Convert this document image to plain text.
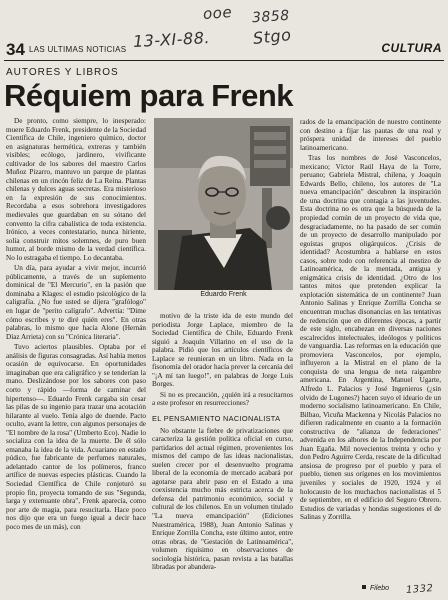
ooe 3858
13-XI-88.	Stgo
1332
34 LAS ULTIMAS NOTICIAS	CULTURA
AUTORES Y LIBROS
Réquiem para Frenk

De pronto, como siempre, lo inesperado: muere Eduardo Frenk, presidente de la Sociedad Científica de Chile, ingeniero químico, doctor en asignaturas hermética, extreras y también visibles; ecólogo, jardinero, vivificante cultivador de los sabores del maestro Carlos Muñoz Pizarro, mantuvo un parque de plantas chilenas en un rincón feliz de La Reina. Plantas chilenas y dulces aguas secretas. Era misterioso en la expresión de sus conocimientos. Recordaba a esos sobrehora investigadores medievales que guardaban en su sótano del convento la cifra cabalística de toda existencia. Irónico, a veces contestatario, nunca hiriente, solía construir mitos solemnes, de puro buen humor, al borde mismo de la verdad científica. No lo estragaba el tiempo. Lo decantaba.

Un día, para ayudar a vivir mejor, incurrió públicamente, a través de un suplemento dominical de "El Mercurio", en la pasión que dominaba a Klages: el estudio psicológico de la caligrafía. ¿No fue usted se dijera "grafólogo" en lugar de "perito calígrafo". Advertía: "Dime cómo escribes y te diré quién eres". En otras palabras, lo mismo que hacía Alone (Hernán Díaz Arrieta) con su "Crónica literaria".

Tuvo aciertos plausibles. Optaba por el análisis de figuras consagradas. Así había menos ocasión de equivocarse. En oportunidades imaginaban que era caligráfico y se tenderían la mano. Deslizándose por los sabores con paso corto y rápido —forma de caminar del hipertenso—. Eduardo Frenk cargaba sin cesar las pilas de su ingenio para trazar una acotación hilarante al vuelo. Tenía algo de duende. Pacto oculto, avant la lettre, con algunos personajes de "El nombre de la rosa" (Umberto Eco). Nadie lo socializa con la idea de la muerte. De él sólo emanaba la idea de la vida. Acuariano en estado púdico, fue fabricante de perfumes naturales, adelantado cantor de los polímeros, franco artífice de nuevas especies plásticas. Cuando la Sociedad Científica de Chile conjeturó su propio fin, proyecta tomando de sus "Segunda, larga y extenuante obra", Frenk aparecía, como por arte de magia, para resucitarla. Hace poco nos dijo que era un fuego igual a decir hace poco mes de un más), con

Eduardo Frenk

motivo de la triste ida de este mundo del periodista Jorge Laplace, miembro de la Sociedad Científica de Chile, Eduardo Frenk siguió a Joaquín Villarino en el uso de la palabra. Pidió que los artículos científicos de Laplace se reunieran en un libro. Nada en la fisonomía del orador hacía prever la cercanía del "¡A mí tan luego!", en palabras de Jorge Luis Borges.

Si no es precaución, ¿quién irá a resucitarnos a este profesor en resurrecciones?

EL PENSAMIENTO NACIONALISTA

No obstante la fiebre de privatizaciones que caracteriza la gestión política oficial en curso, partidarios del actual régimen, provenientes los mismos del campo de las ideas nacionalistas, suelen crecer por el desenvuelto programa liberal de la economía de mercado acabará por agotarse para abrir paso en el Estado a una coexistencia mucho más estricta acerca de la defensa del patrimonio económico, social y cultural de los chilenos. En un volumen titulado "La nueva emancipación" (Ediciones Nuestramérica, 1988), Juan Antonio Salinas y Enrique Zorrilla Concha, este último autor, entre otras obras, de "Gestación de Latinoamérica", volumen riquísimo en observaciones de sociología histórica, pasan revista a las batallas libradas por abandera-

rados de la emancipación de nuestro continente con destino a fijar las pautas de una real y próspera unidad de intereses del pueblo latinoamericano.

Tras los nombres de José Vasconcelos, mexicano; Víctor Raúl Haya de la Torre, peruano; Gabriela Mistral, chilena, y Joaquín Edwards Bello, chileno, los autores de "La nueva emancipación" descubren la inspiración de una doctrina que contagia a las juventudes. Esta doctrina no es otra que la búsqueda de la propiedad común de un proyecto de vida que, desgraciadamente, no ha pasado de ser común de un proyecto de desarrollo manipulado por egoístas grupos oligárquicos. ¿Crisis de identidad? Acostumbra a hablarse en estos casos, sobre todo con referencia al mestizo de Latinoamérica, de la mentada, antigua y enigmática crisis de identidad. ¿Otro de los tantos mitos que pretenden explicar la explotación sistemática de un continente? Juan Antonio Salinas y Enrique Zorrilla Concha se encuentran muchas disonancias en las tentativas de redención que en diferentes épocas, a partir de este siglo, encabezan en diversas naciones escalrecidos intelectuales, ideólogos y políticos de vanguardia. Las reformas en la educación que promoviera Vasconcelos, por ejemplo, influyeron a la Mistral en el plano de la conquista de una lengua de neta raigambre americana. En Argentina, Manuel Ugarte, Alfredo L. Palacios y José Ingenieros (¿sin olvido de Lugones?) hacen suyo el ideario de un moderno socialismo latinoamericano. En Chile, Bilbao, Vicuña Mackenna y Nicolás Palacios no difieren radicalmente en cuanto a la formación constructiva de "alianza de federaciones" advenida en los albores de la Independencia por Juan Egaña. Mil novecientos treinta y ocho y don Pedro Aguirre Cerda, rescate de la dificultad ansiosa de progreso por el pueblo y para el pueblo, tienen sus orígenes en los movimientos juveniles y sociales de 1920, 1924 y el holocausto de los muchachos nacionalistas el 5 de septiembre, en el edificio del Seguro Obrero. Estudios de variadas y hondas sugestiones el de Salinas y Zorrilla.

Filebo
